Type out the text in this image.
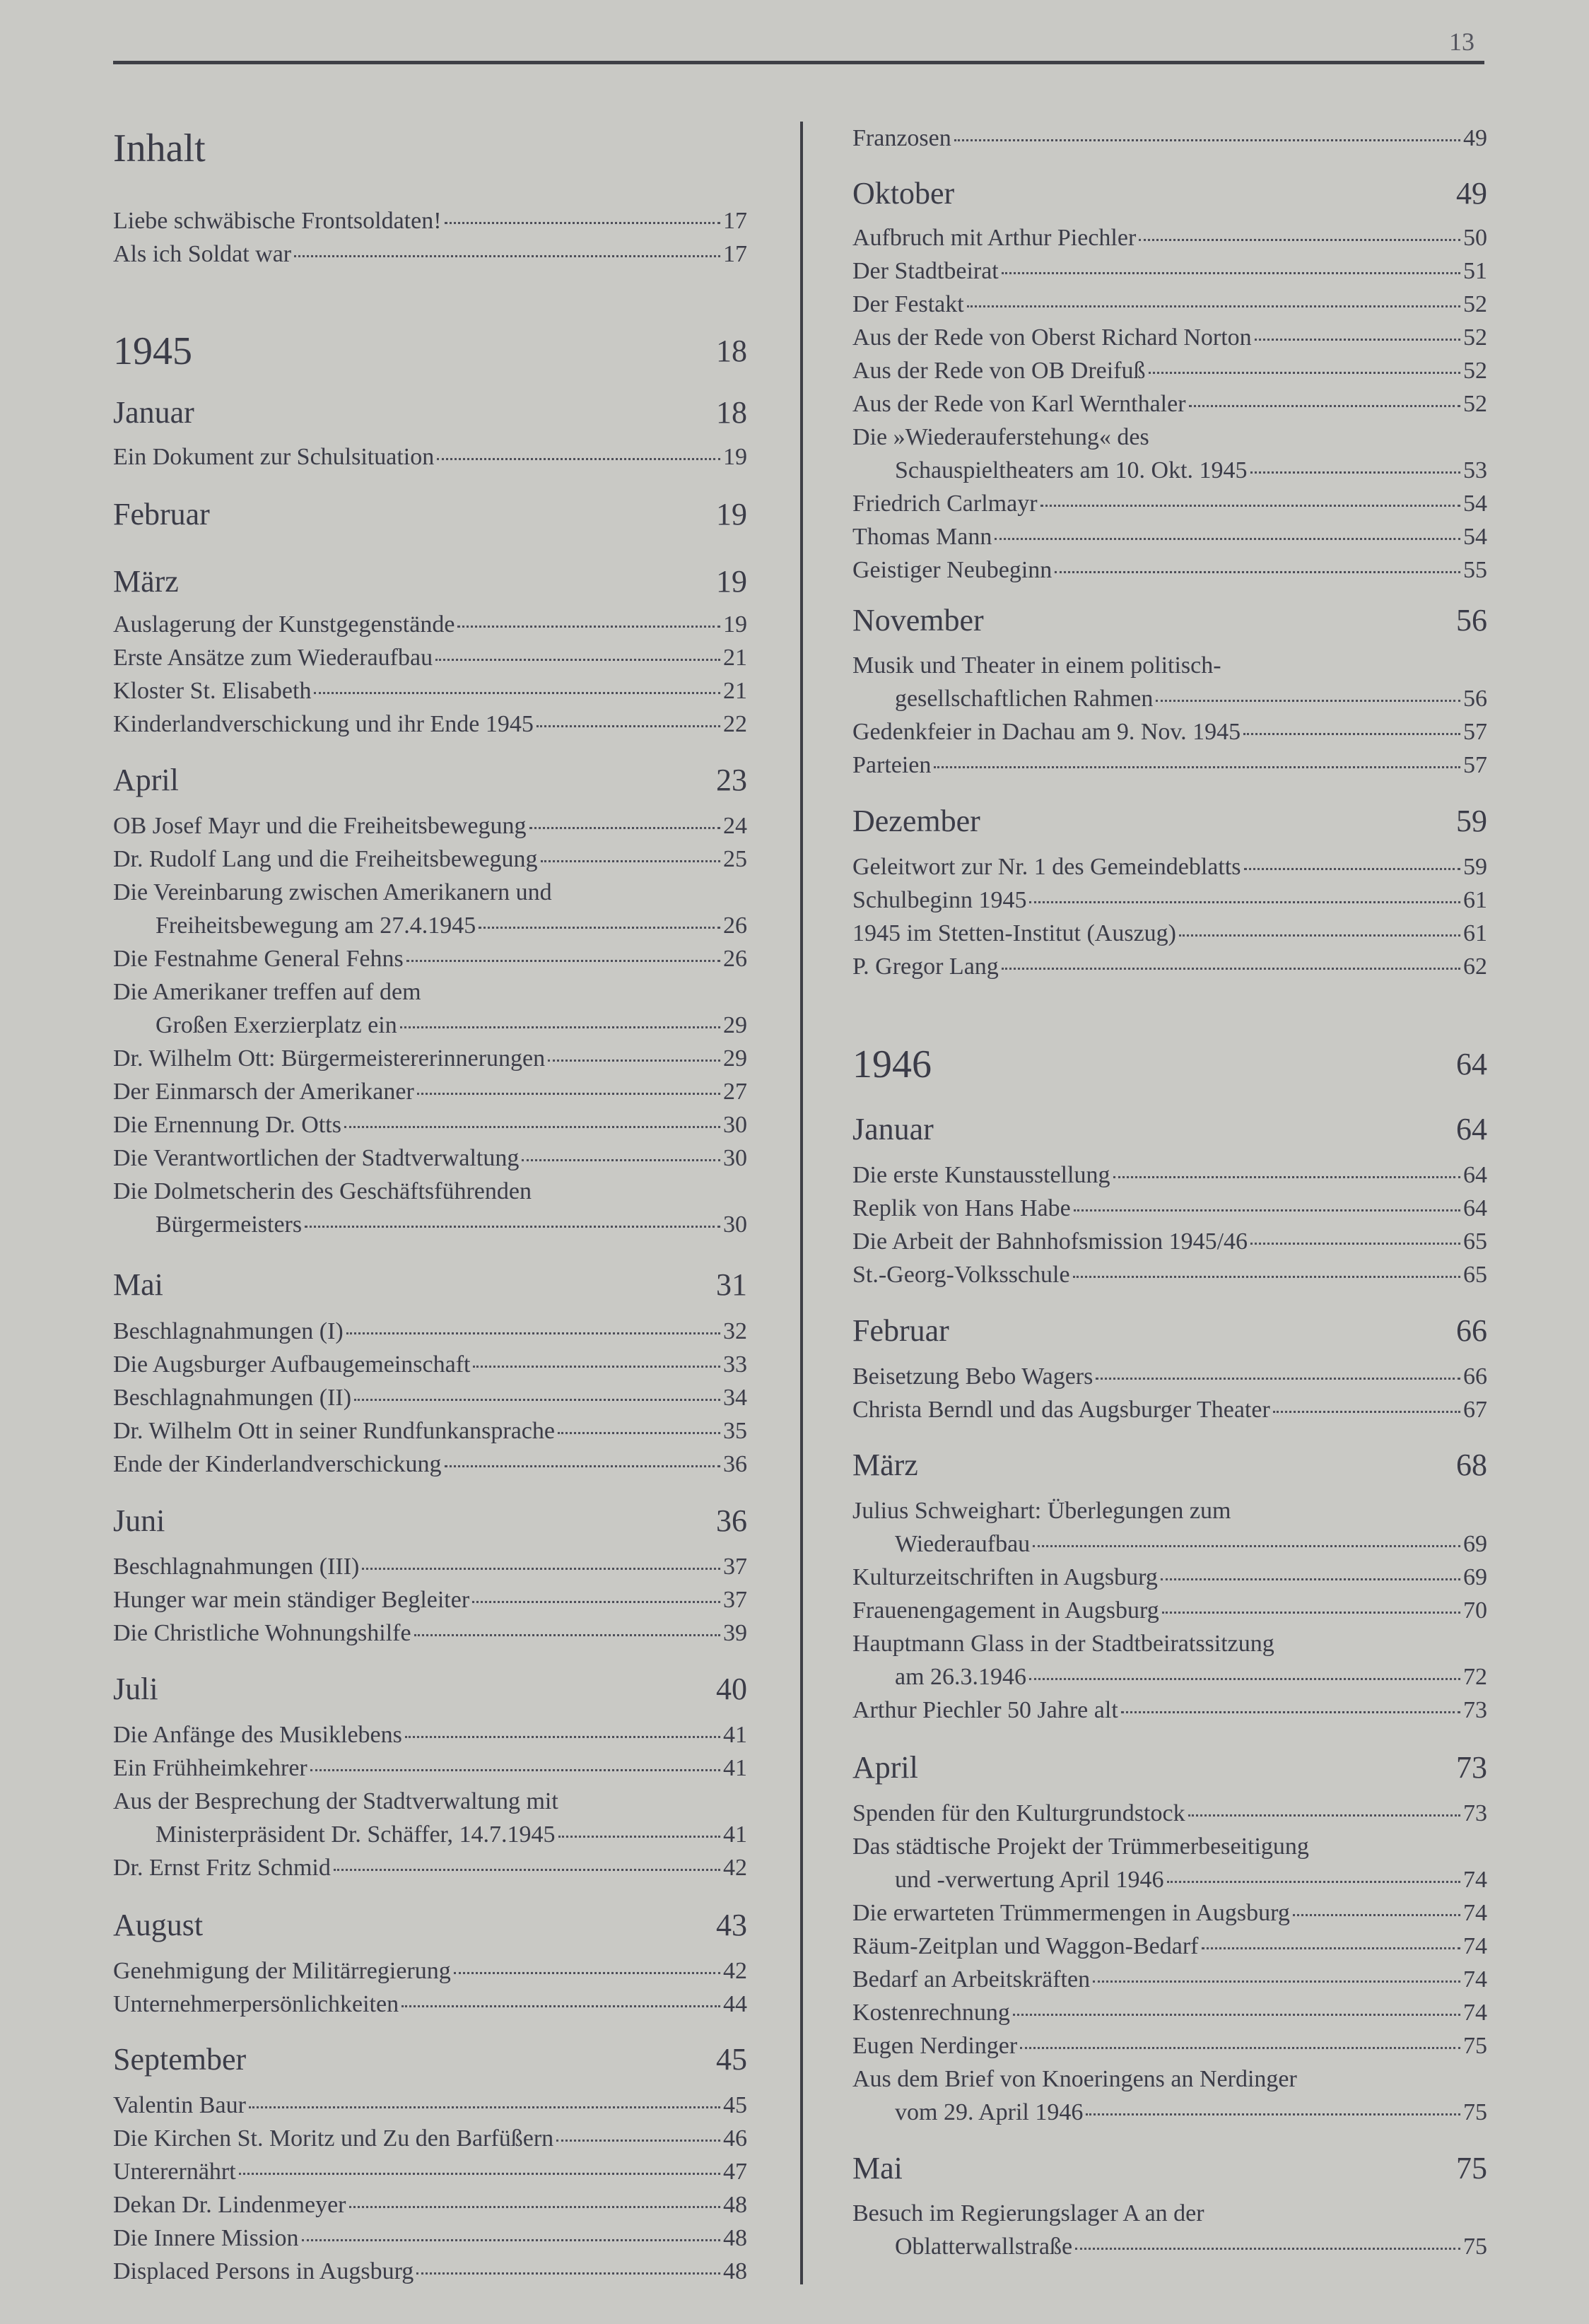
13
Inhalt
Liebe schwäbische Frontsoldaten!	17
Als ich Soldat war	17
1945	18
Januar	18
Ein Dokument zur Schulsituation	19
Februar	19
März	19
Auslagerung der Kunstgegenstände	19
Erste Ansätze zum Wiederaufbau	21
Kloster St. Elisabeth	21
Kinderlandverschickung und ihr Ende 1945	22
April	23
OB Josef Mayr und die Freiheitsbewegung	24
Dr. Rudolf Lang und die Freiheitsbewegung	25
Die Vereinbarung zwischen Amerikanern und
Freiheitsbewegung am 27.4.1945	26
Die Festnahme General Fehns	26
Die Amerikaner treffen auf dem
Großen Exerzierplatz ein	29
Dr. Wilhelm Ott: Bürgermeistererinnerungen	29
Der Einmarsch der Amerikaner	27
Die Ernennung Dr. Otts	30
Die Verantwortlichen der Stadtverwaltung	30
Die Dolmetscherin des Geschäftsführenden
Bürgermeisters	30
Mai	31
Beschlagnahmungen (I)	32
Die Augsburger Aufbaugemeinschaft	33
Beschlagnahmungen (II)	34
Dr. Wilhelm Ott in seiner Rundfunkansprache	35
Ende der Kinderlandverschickung	36
Juni	36
Beschlagnahmungen (III)	37
Hunger war mein ständiger Begleiter	37
Die Christliche Wohnungshilfe	39
Juli	40
Die Anfänge des Musiklebens	41
Ein Frühheimkehrer	41
Aus der Besprechung der Stadtverwaltung mit
Ministerpräsident Dr. Schäffer, 14.7.1945	41
Dr. Ernst Fritz Schmid	42
August	43
Genehmigung der Militärregierung	42
Unternehmerpersönlichkeiten	44
September	45
Valentin Baur	45
Die Kirchen St. Moritz und Zu den Barfüßern	46
Unterernährt	47
Dekan Dr. Lindenmeyer	48
Die Innere Mission	48
Displaced Persons in Augsburg	48
Franzosen	49
Oktober	49
Aufbruch mit Arthur Piechler	50
Der Stadtbeirat	51
Der Festakt	52
Aus der Rede von Oberst Richard Norton	52
Aus der Rede von OB Dreifuß	52
Aus der Rede von Karl Wernthaler	52
Die »Wiederauferstehung« des
Schauspieltheaters am 10. Okt. 1945	53
Friedrich Carlmayr	54
Thomas Mann	54
Geistiger Neubeginn	55
November	56
Musik und Theater in einem politisch-
gesellschaftlichen Rahmen	56
Gedenkfeier in Dachau am 9. Nov. 1945	57
Parteien	57
Dezember	59
Geleitwort zur Nr. 1 des Gemeindeblatts	59
Schulbeginn 1945	61
1945 im Stetten-Institut (Auszug)	61
P. Gregor Lang	62
1946	64
Januar	64
Die erste Kunstausstellung	64
Replik von Hans Habe	64
Die Arbeit der Bahnhofsmission 1945/46	65
St.-Georg-Volksschule	65
Februar	66
Beisetzung Bebo Wagers	66
Christa Berndl und das Augsburger Theater	67
März	68
Julius Schweighart: Überlegungen zum
Wiederaufbau	69
Kulturzeitschriften in Augsburg	69
Frauenengagement in Augsburg	70
Hauptmann Glass in der Stadtbeiratssitzung
am 26.3.1946	72
Arthur Piechler 50 Jahre alt	73
April	73
Spenden für den Kulturgrundstock	73
Das städtische Projekt der Trümmerbeseitigung
und -verwertung April 1946	74
Die erwarteten Trümmermengen in Augsburg	74
Räum-Zeitplan und Waggon-Bedarf	74
Bedarf an Arbeitskräften	74
Kostenrechnung	74
Eugen Nerdinger	75
Aus dem Brief von Knoeringens an Nerdinger
vom 29. April 1946	75
Mai	75
Besuch im Regierungslager A an der
Oblatterwallstraße	75
